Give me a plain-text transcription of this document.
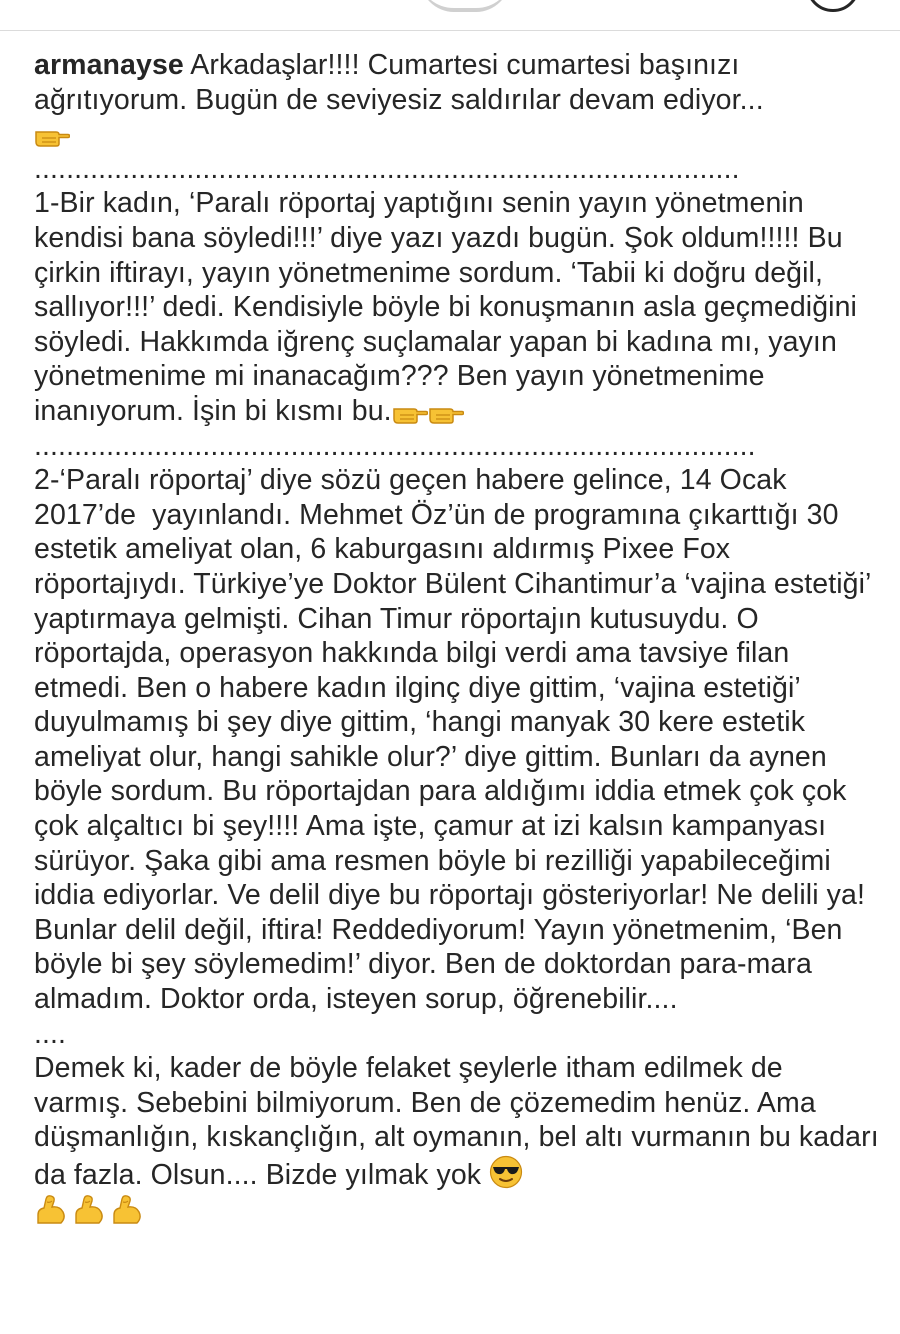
armanayse Arkadaşlar!!!! Cumartesi cumartesi başınızı ağrıtıyorum. Bugün de seviyesiz saldırılar devam ediyor...

........................................................................................

1-Bir kadın, ‘Paralı röportaj yaptığını senin yayın yönetmenin kendisi bana söyledi!!!’ diye yazı yazdı bugün. Şok oldum!!!!! Bu çirkin iftirayı, yayın yönetmenime sordum. ‘Tabii ki doğru değil, sallıyor!!!’ dedi. Kendisiyle böyle bi konuşmanın asla geçmediğini söyledi. Hakkımda iğrenç suçlamalar yapan bi kadına mı, yayın yönetmenime mi inanacağım??? Ben yayın yönetmenime inanıyorum. İşin bi kısmı bu.

..........................................................................................

2-‘Paralı röportaj’ diye sözü geçen habere gelince, 14 Ocak 2017’de  yayınlandı. Mehmet Öz’ün de programına çıkarttığı 30 estetik ameliyat olan, 6 kaburgasını aldırmış Pixee Fox röportajıydı. Türkiye’ye Doktor Bülent Cihantimur’a ‘vajina estetiği’ yaptırmaya gelmişti. Cihan Timur röportajın kutusuydu. O röportajda, operasyon hakkında bilgi verdi ama tavsiye filan etmedi. Ben o habere kadın ilginç diye gittim, ‘vajina estetiği’ duyulmamış bi şey diye gittim, ‘hangi manyak 30 kere estetik ameliyat olur, hangi sahikle olur?’ diye gittim. Bunları da aynen böyle sordum. Bu röportajdan para aldığımı iddia etmek çok çok çok alçaltıcı bi şey!!!! Ama işte, çamur at izi kalsın kampanyası sürüyor. Şaka gibi ama resmen böyle bi rezilliği yapabileceğimi iddia ediyorlar. Ve delil diye bu röportajı gösteriyorlar! Ne delili ya! Bunlar delil değil, iftira! Reddediyorum! Yayın yönetmenim, ‘Ben böyle bi şey söylemedim!’ diyor. Ben de doktordan para-mara almadım. Doktor orda, isteyen sorup, öğrenebilir....

....

Demek ki, kader de böyle felaket şeylerle itham edilmek de varmış. Sebebini bilmiyorum. Ben de çözemedim henüz. Ama düşmanlığın, kıskançlığın, alt oymanın, bel altı vurmanın bu kadarı da fazla. Olsun.... Bizde yılmak yok
